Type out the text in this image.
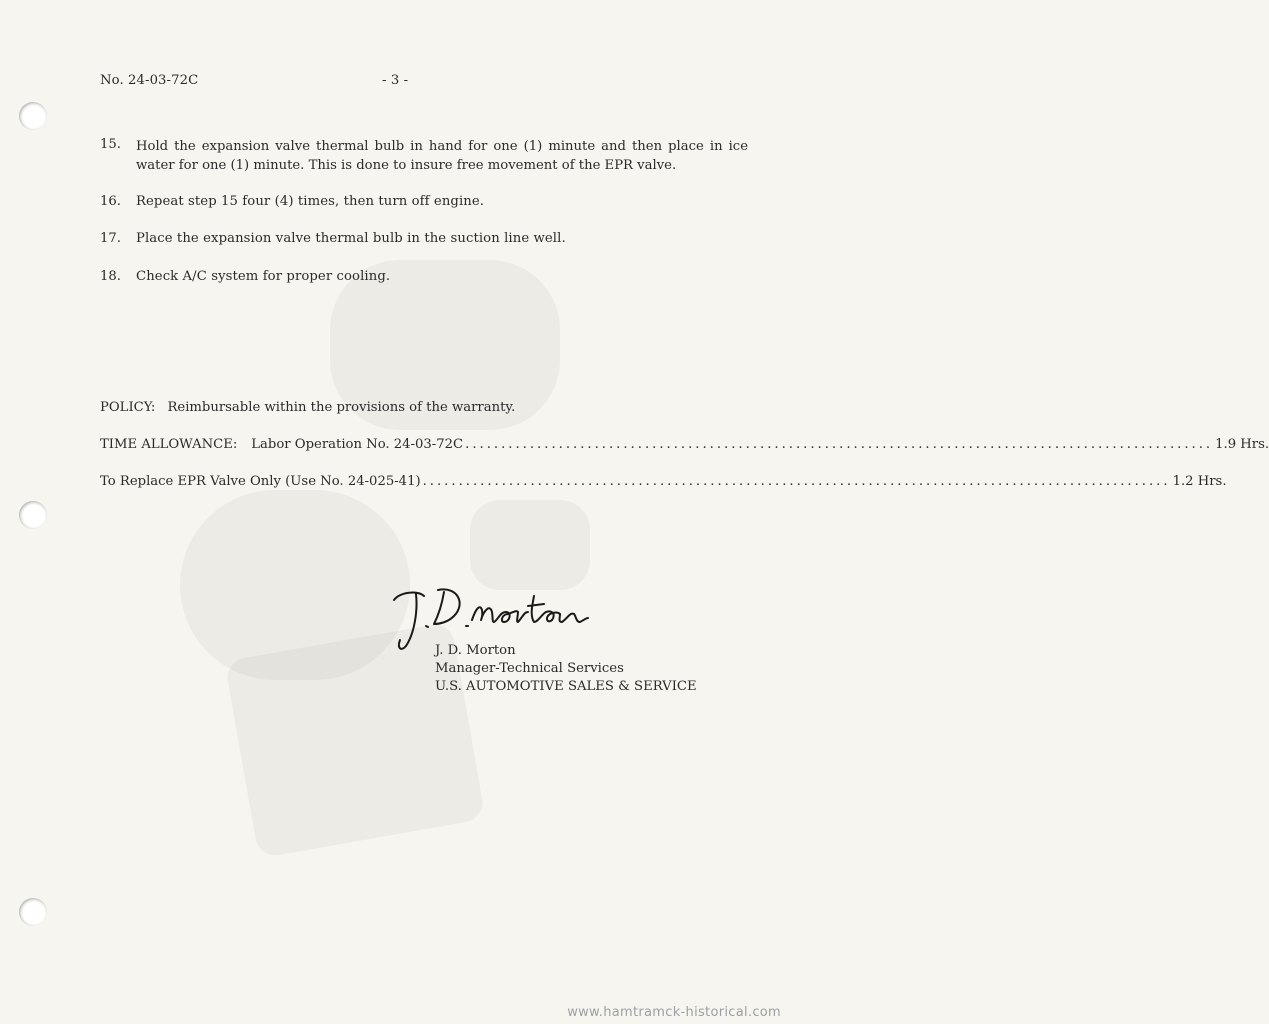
No. 24-03-72C	- 3 -
15. Hold the expansion valve thermal bulb in hand for one (1) minute and then place in ice water for one (1) minute. This is done to insure free movement of the EPR valve.
16. Repeat step 15 four (4) times, then turn off engine.
17. Place the expansion valve thermal bulb in the suction line well.
18. Check A/C system for proper cooling.
POLICY: Reimbursable within the provisions of the warranty.
TIME ALLOWANCE: Labor Operation No. 24-03-72C ........................................................................................................ 1.9 Hrs.
To Replace EPR Valve Only (Use No. 24-025-41) ........................................................................................................ 1.2 Hrs.
J. D. Morton
Manager-Technical Services
U.S. AUTOMOTIVE SALES & SERVICE
www.hamtramck-historical.com
